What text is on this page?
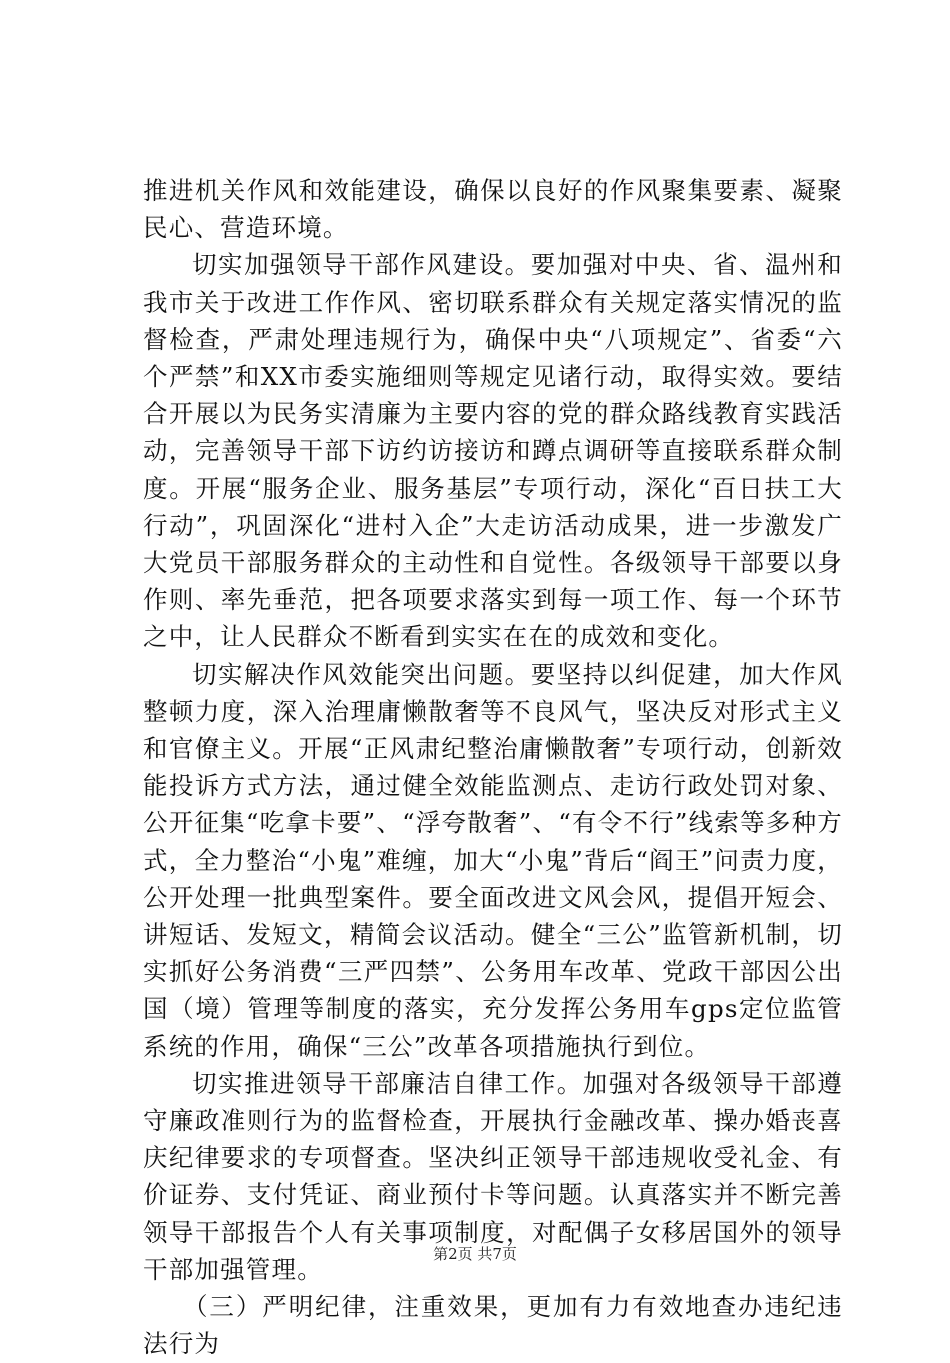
推进机关作风和效能建设，确保以良好的作风聚集要素、凝聚民心、营造环境。

切实加强领导干部作风建设。要加强对中央、省、温州和我市关于改进工作作风、密切联系群众有关规定落实情况的监督检查，严肃处理违规行为，确保中央“八项规定”、省委“六个严禁”和XX市委实施细则等规定见诸行动，取得实效。要结合开展以为民务实清廉为主要内容的党的群众路线教育实践活动，完善领导干部下访约访接访和蹲点调研等直接联系群众制度。开展“服务企业、服务基层”专项行动，深化“百日扶工大行动”，巩固深化“进村入企”大走访活动成果，进一步激发广大党员干部服务群众的主动性和自觉性。各级领导干部要以身作则、率先垂范，把各项要求落实到每一项工作、每一个环节之中，让人民群众不断看到实实在在的成效和变化。

切实解决作风效能突出问题。要坚持以纠促建，加大作风整顿力度，深入治理庸懒散奢等不良风气，坚决反对形式主义和官僚主义。开展“正风肃纪整治庸懒散奢”专项行动，创新效能投诉方式方法，通过健全效能监测点、走访行政处罚对象、公开征集“吃拿卡要”、“浮夸散奢”、“有令不行”线索等多种方式，全力整治“小鬼”难缠，加大“小鬼”背后“阎王”问责力度，公开处理一批典型案件。要全面改进文风会风，提倡开短会、讲短话、发短文，精简会议活动。健全“三公”监管新机制，切实抓好公务消费“三严四禁”、公务用车改革、党政干部因公出国（境）管理等制度的落实，充分发挥公务用车gps定位监管系统的作用，确保“三公”改革各项措施执行到位。

切实推进领导干部廉洁自律工作。加强对各级领导干部遵守廉政准则行为的监督检查，开展执行金融改革、操办婚丧喜庆纪律要求的专项督查。坚决纠正领导干部违规收受礼金、有价证券、支付凭证、商业预付卡等问题。认真落实并不断完善领导干部报告个人有关事项制度，对配偶子女移居国外的领导干部加强管理。

（三）严明纪律，注重效果，更加有力有效地查办违纪违法行为

第2页 共7页
